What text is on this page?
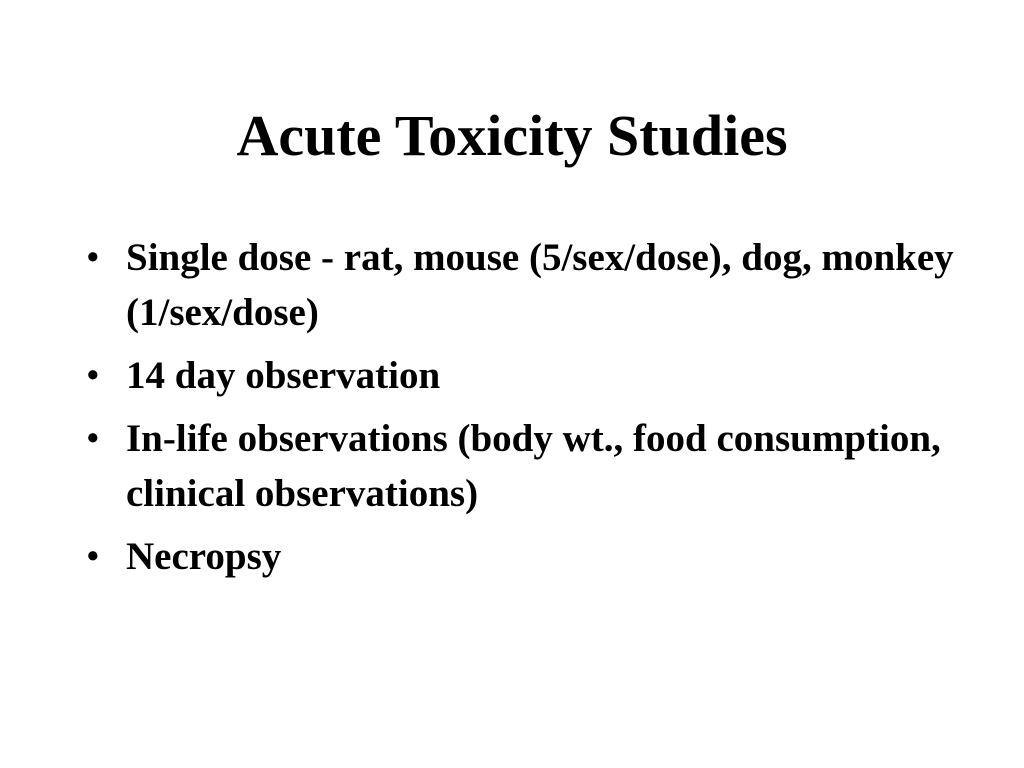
Acute Toxicity Studies
• Single dose - rat, mouse (5/sex/dose), dog, monkey (1/sex/dose)
• 14 day observation
• In-life observations (body wt., food consumption, clinical observations)
• Necropsy
